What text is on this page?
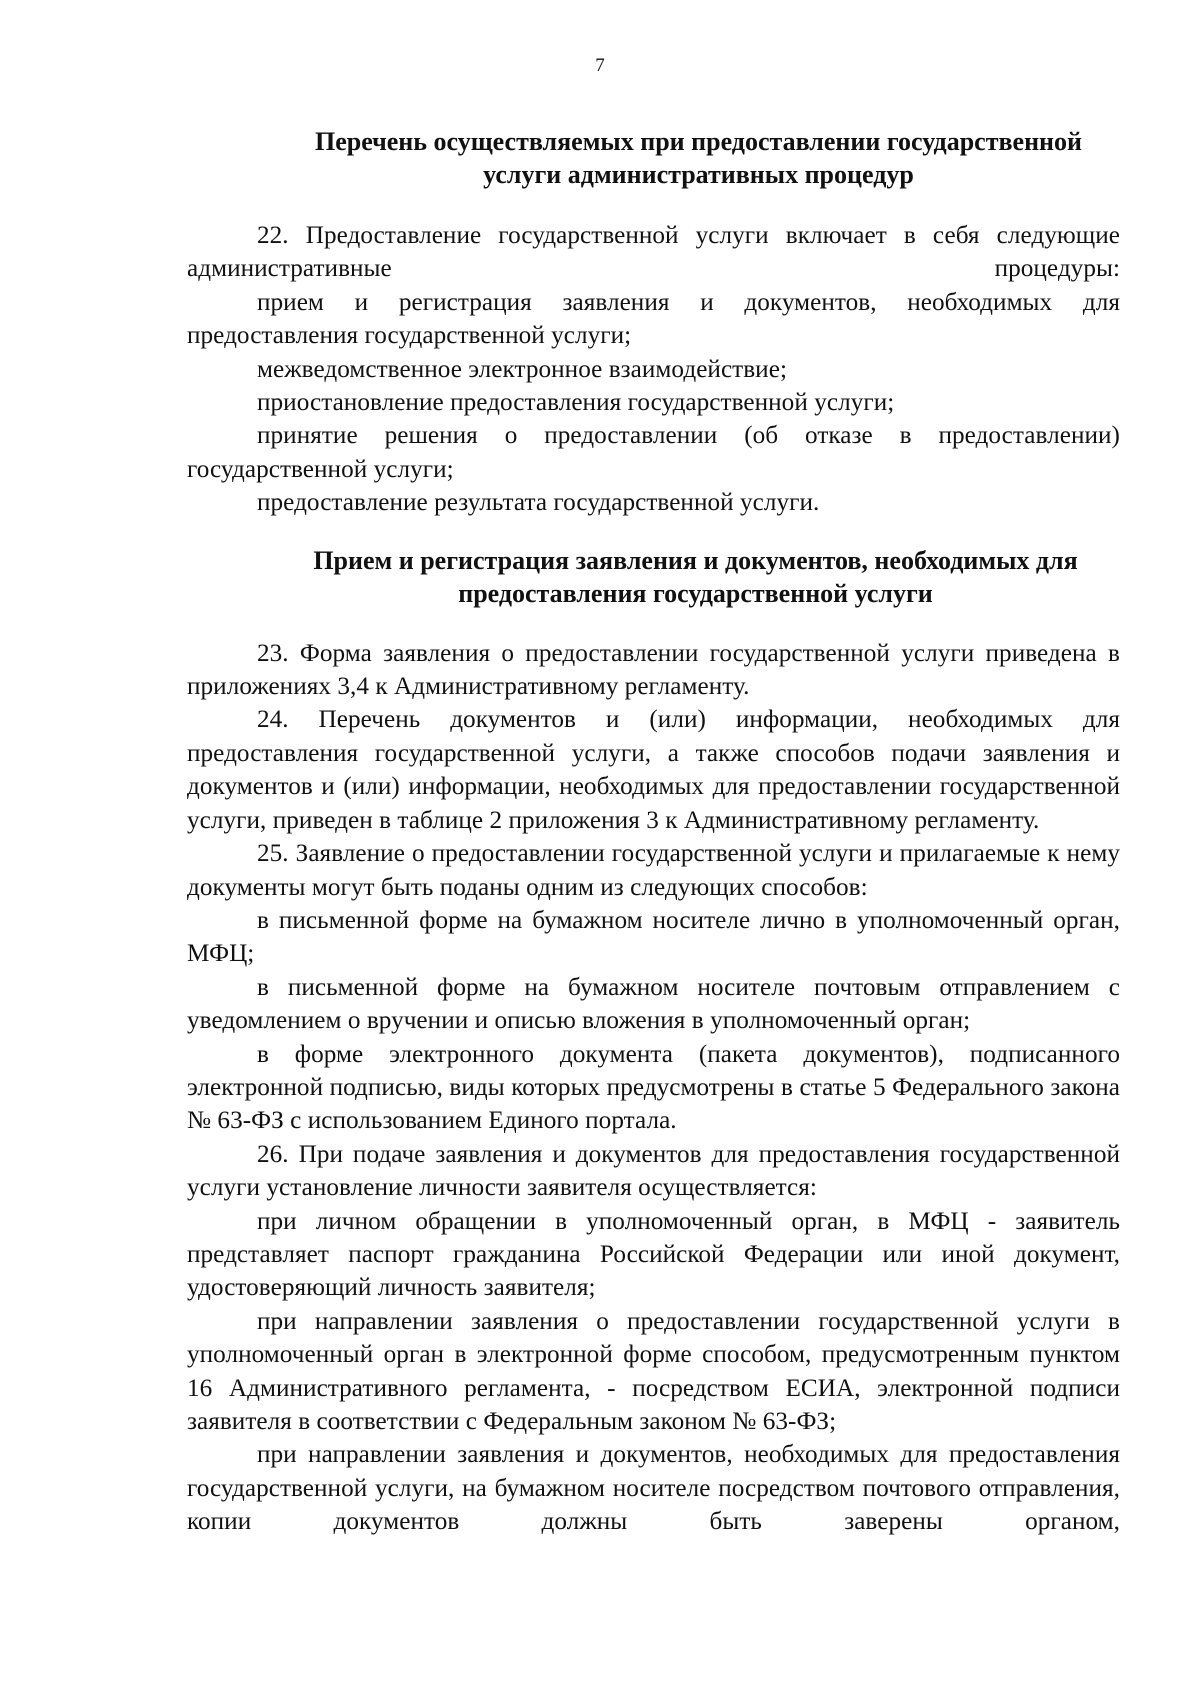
7
Перечень осуществляемых при предоставлении государственной
услуги административных процедур

22. Предоставление государственной услуги включает в себя следующие административные процедуры:

прием и регистрация заявления и документов, необходимых для предоставления государственной услуги;

межведомственное электронное взаимодействие;

приостановление предоставления государственной услуги;

принятие решения о предоставлении (об отказе в предоставлении) государственной услуги;

предоставление результата государственной услуги.

Прием и регистрация заявления и документов, необходимых для
предоставления государственной услуги

23. Форма заявления о предоставлении государственной услуги приведена в приложениях 3,4 к Административному регламенту.

24. Перечень документов и (или) информации, необходимых для предоставления государственной услуги, а также способов подачи заявления и документов и (или) информации, необходимых для предоставлении государственной услуги, приведен в таблице 2 приложения 3 к Административному регламенту.

25. Заявление о предоставлении государственной услуги и прилагаемые к нему документы могут быть поданы одним из следующих способов:

в письменной форме на бумажном носителе лично в уполномоченный орган, МФЦ;

в письменной форме на бумажном носителе почтовым отправлением с уведомлением о вручении и описью вложения в уполномоченный орган;

в форме электронного документа (пакета документов), подписанного электронной подписью, виды которых предусмотрены в статье 5 Федерального закона № 63-ФЗ с использованием Единого портала.

26. При подаче заявления и документов для предоставления государственной услуги установление личности заявителя осуществляется:

при личном обращении в уполномоченный орган, в МФЦ - заявитель представляет паспорт гражданина Российской Федерации или иной документ, удостоверяющий личность заявителя;

при направлении заявления о предоставлении государственной услуги в уполномоченный орган в электронной форме способом, предусмотренным пунктом 16 Административного регламента, - посредством ЕСИА, электронной подписи заявителя в соответствии с Федеральным законом № 63-ФЗ;

при направлении заявления и документов, необходимых для предоставления государственной услуги, на бумажном носителе посредством почтового отправления, копии документов должны быть заверены органом,
